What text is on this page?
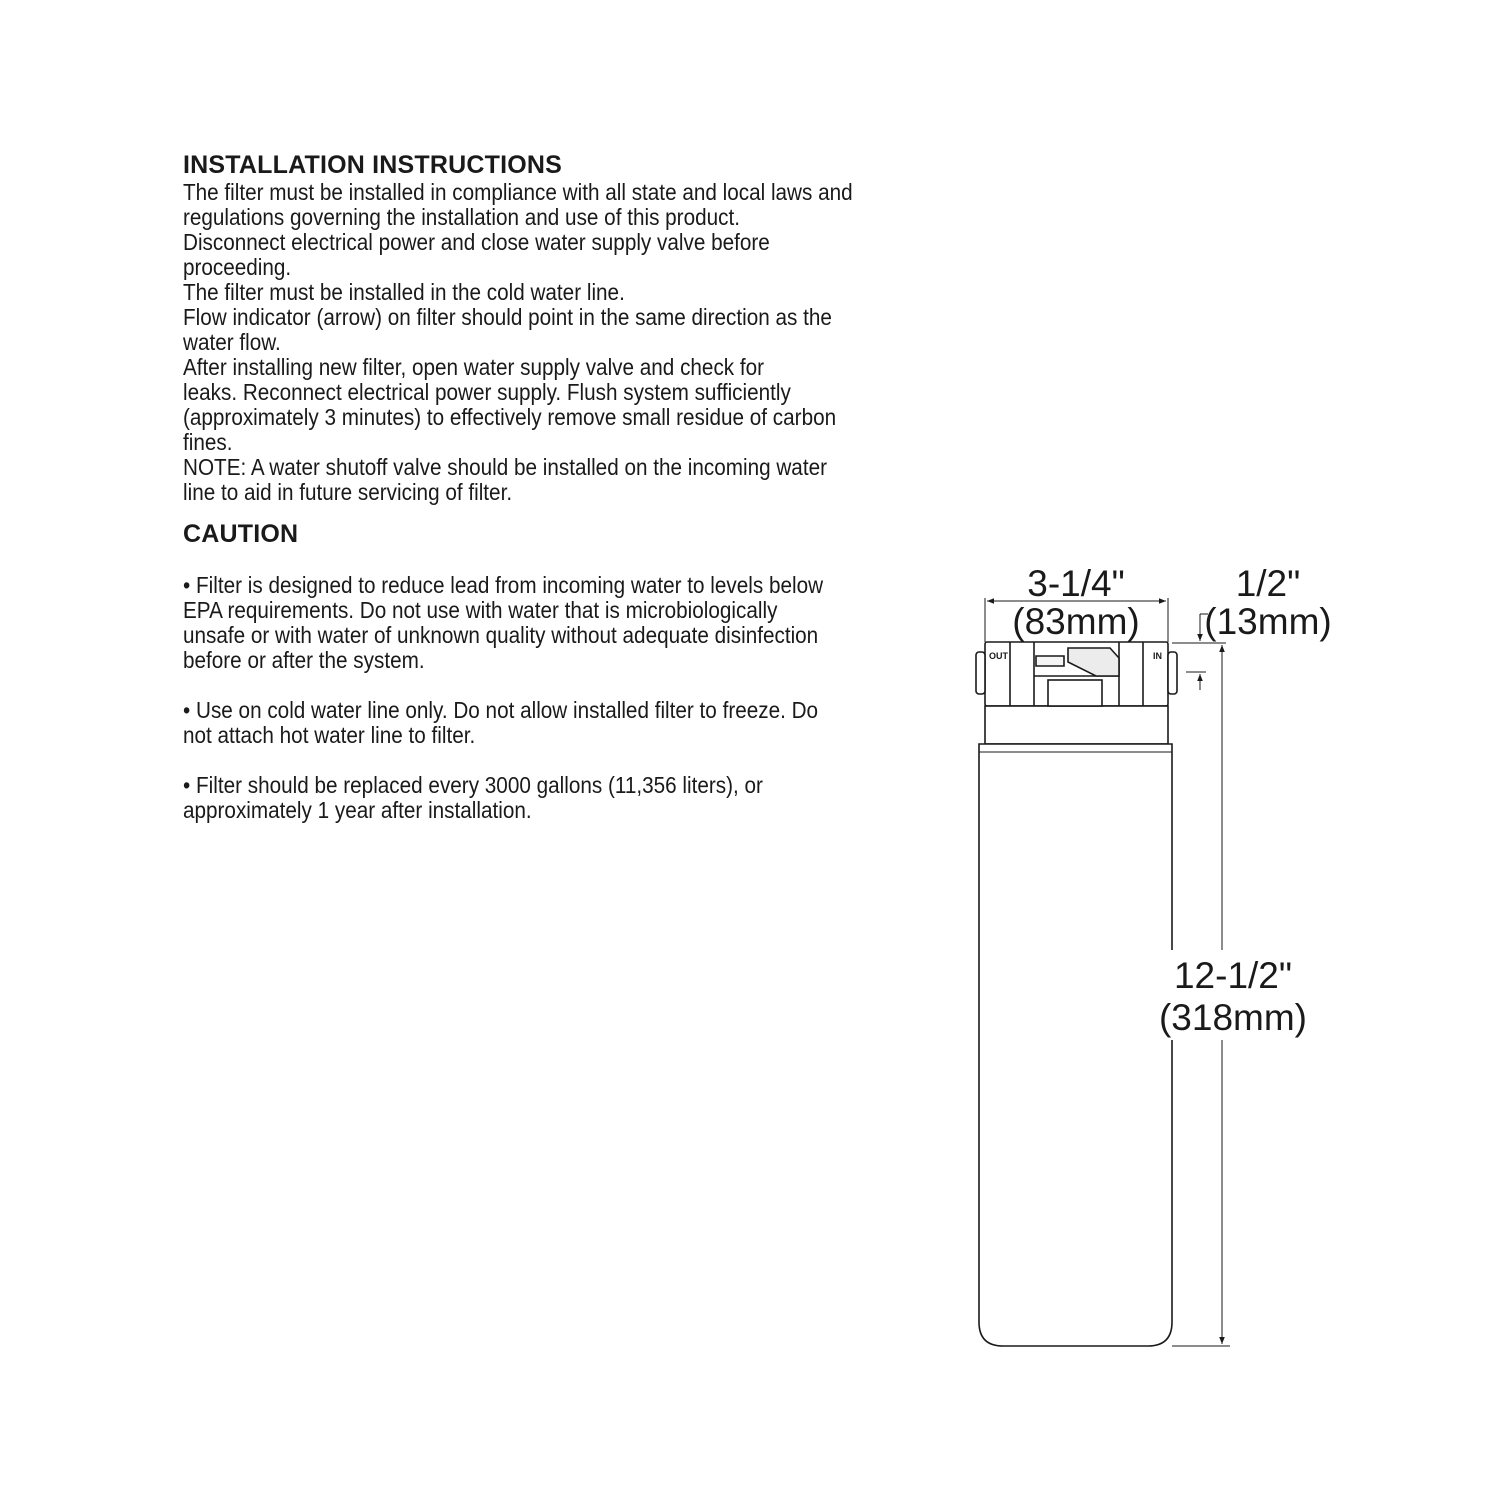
INSTALLATION INSTRUCTIONS
The filter must be installed in compliance with all state and local laws and
regulations governing the installation and use of this product.
Disconnect electrical power and close water supply valve before
proceeding.
The filter must be installed in the cold water line.
Flow indicator (arrow) on filter should point in the same direction as the
water flow.
After installing new filter, open water supply valve and check for
leaks. Reconnect electrical power supply. Flush system sufficiently
(approximately 3 minutes) to effectively remove small residue of carbon
fines.
NOTE: A water shutoff valve should be installed on the incoming water
line to aid in future servicing of filter.
CAUTION
• Filter is designed to reduce lead from incoming water to levels below
EPA requirements. Do not use with water that is microbiologically
unsafe or with water of unknown quality without adequate disinfection
before or after the system.
• Use on cold water line only. Do not allow installed filter to freeze. Do
not attach hot water line to filter.
• Filter should be replaced every 3000 gallons (11,356 liters), or
approximately 1 year after installation.
OUT	IN
3-1/4"
(83mm)
1/2"
(13mm)
12-1/2"
(318mm)
